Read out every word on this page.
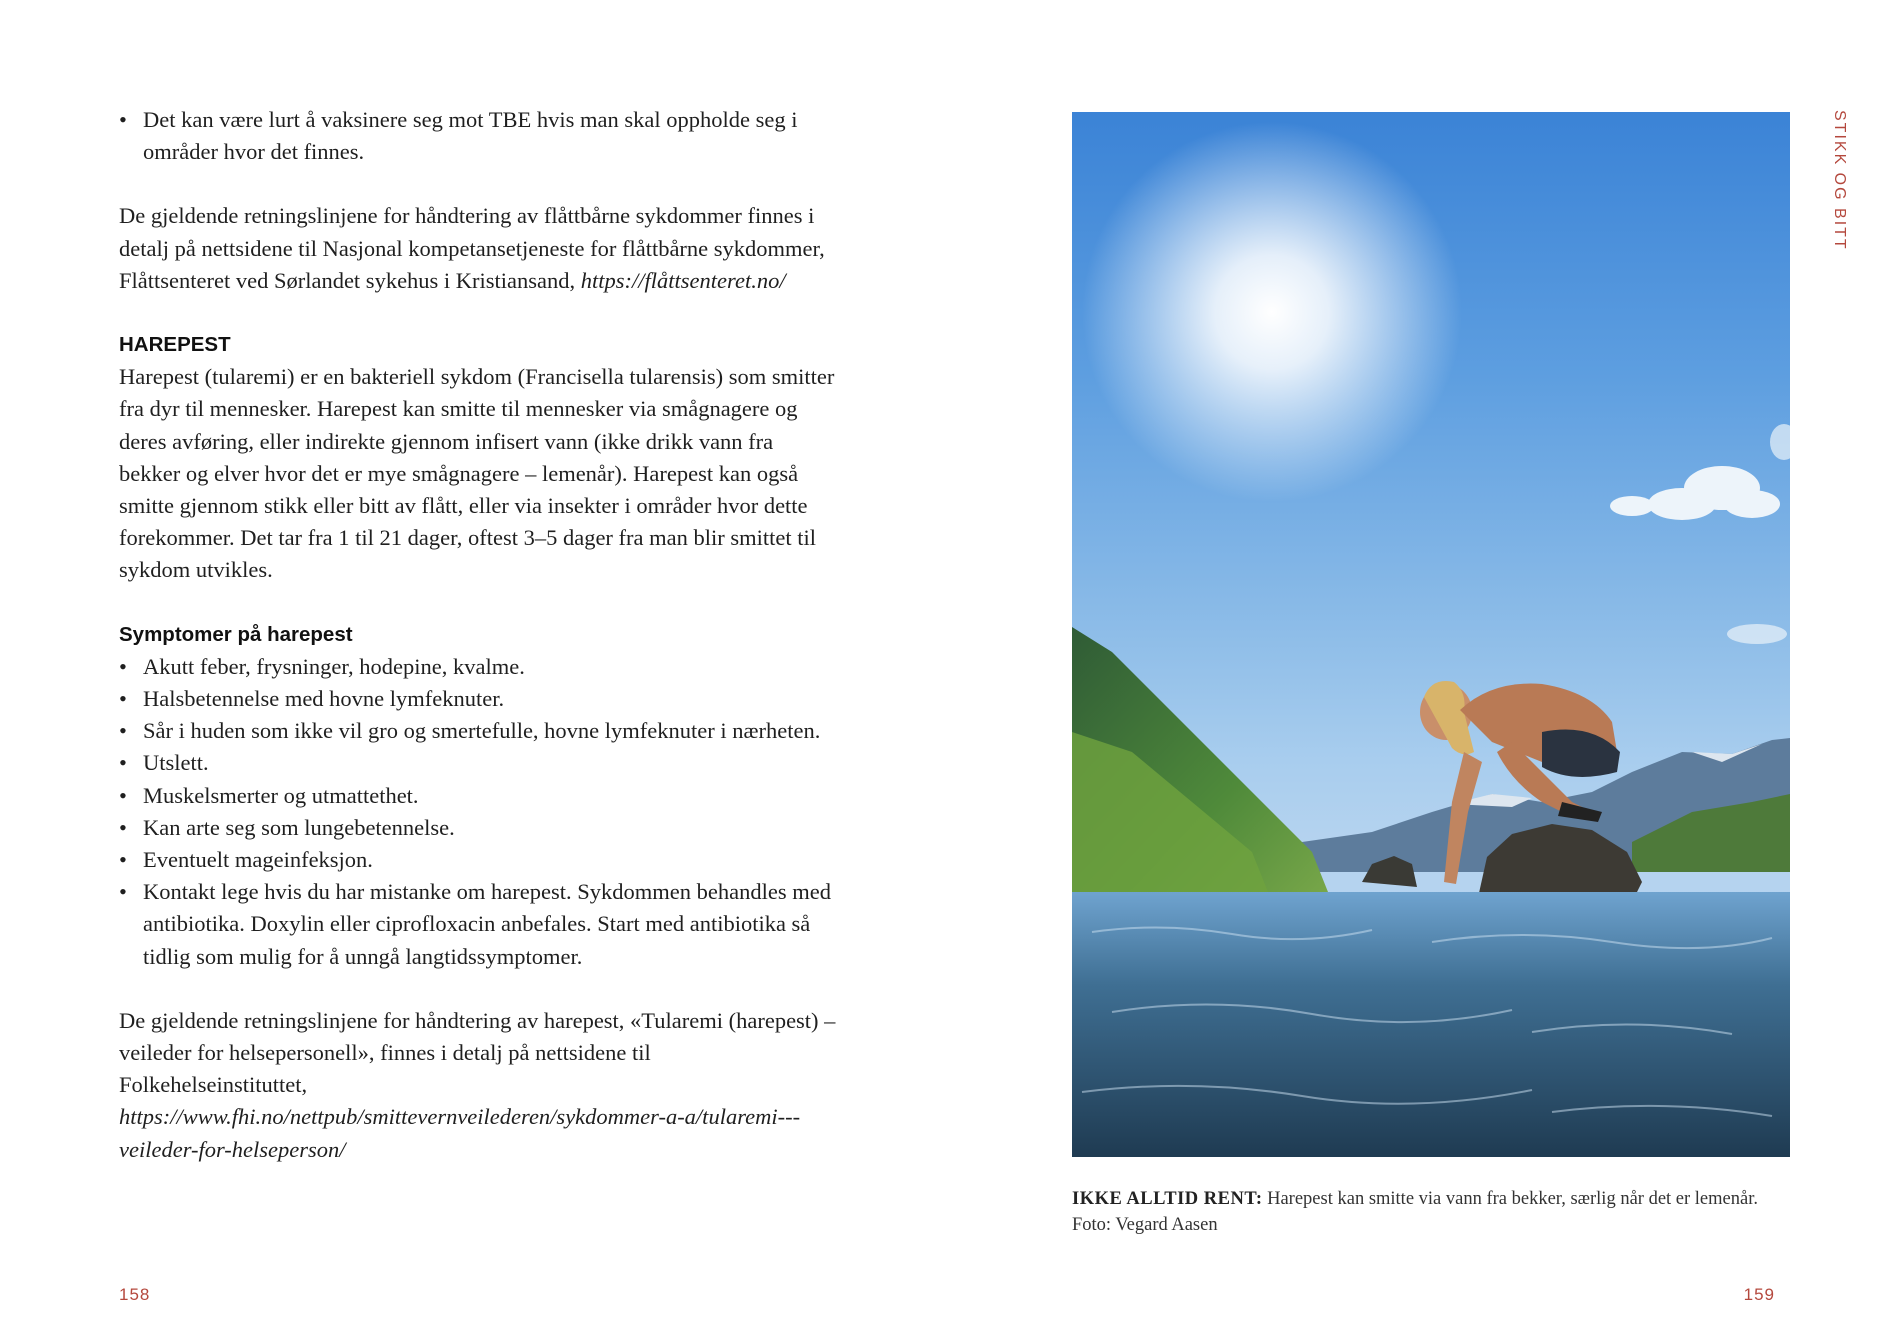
• Det kan være lurt å vaksinere seg mot TBE hvis man skal oppholde seg i områder hvor det finnes.

De gjeldende retningslinjene for håndtering av flåttbårne sykdommer finnes i detalj på nettsidene til Nasjonal kompetansetjeneste for flåttbårne sykdommer, Flåttsenteret ved Sørlandet sykehus i Kristiansand, https://flåttsenteret.no/

HAREPEST

Harepest (tularemi) er en bakteriell sykdom (Francisella tularensis) som smitter fra dyr til mennesker. Harepest kan smitte til mennesker via smågnagere og deres avføring, eller indirekte gjennom infisert vann (ikke drikk vann fra bekker og elver hvor det er mye smågnagere – lemenår). Harepest kan også smitte gjennom stikk eller bitt av flått, eller via insekter i områder hvor dette forekommer. Det tar fra 1 til 21 dager, oftest 3–5 dager fra man blir smittet til sykdom utvikles.

Symptomer på harepest
• Akutt feber, frysninger, hodepine, kvalme.
• Halsbetennelse med hovne lymfeknuter.
• Sår i huden som ikke vil gro og smertefulle, hovne lymfeknuter i nærheten.
• Utslett.
• Muskelsmerter og utmattethet.
• Kan arte seg som lungebetennelse.
• Eventuelt mageinfeksjon.
• Kontakt lege hvis du har mistanke om harepest. Sykdommen behandles med antibiotika. Doxylin eller ciprofloxacin anbefales. Start med antibiotika så tidlig som mulig for å unngå langtidssymptomer.

De gjeldende retningslinjene for håndtering av harepest, «Tularemi (harepest) – veileder for helsepersonell», finnes i detalj på nettsidene til Folkehelseinstituttet, https://www.fhi.no/nettpub/smittevernveilederen/sykdommer-a-a/tularemi---veileder-for-helseperson/

158
STIKK OG BITT
IKKE ALLTID RENT: Harepest kan smitte via vann fra bekker, særlig når det er lemenår.
Foto: Vegard Aasen
159
